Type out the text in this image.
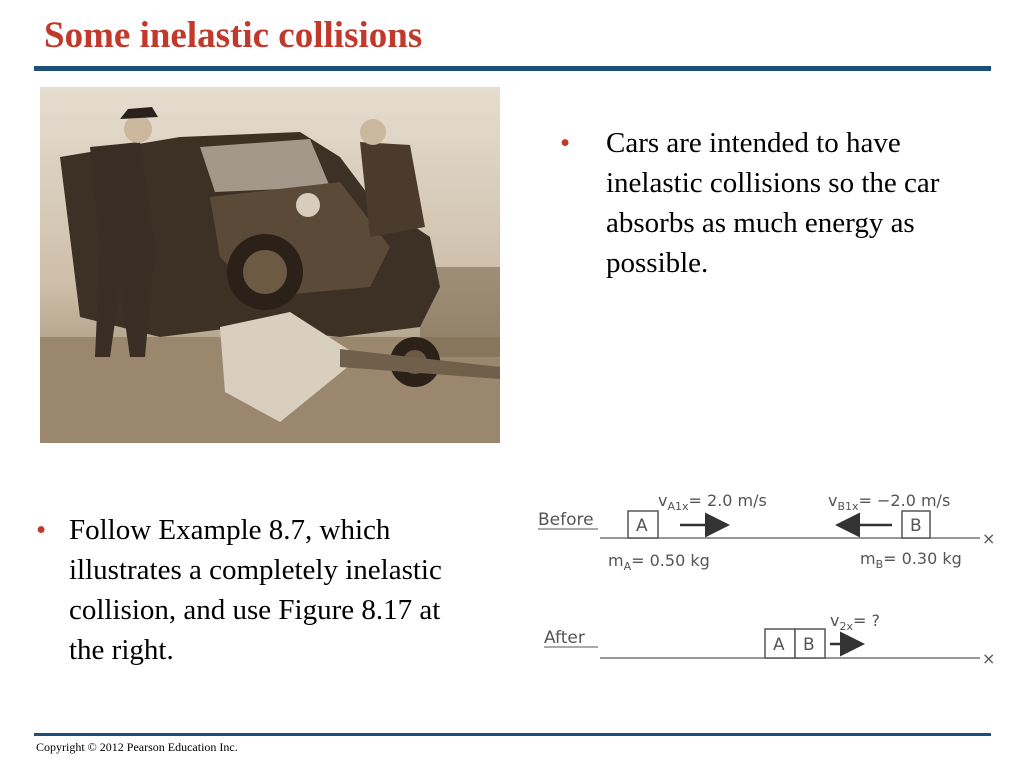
Some inelastic collisions
• Cars are intended to have inelastic collisions so the car absorbs as much energy as possible.
• Follow Example 8.7, which illustrates a completely inelastic collision, and use Figure 8.17 at the right.
Before
×
A
$v_{A1x}= 2.0$ m/s
B
$v_{B1x}= -2.0$ m/s
$m_A= 0.50$ kg	$m_B= 0.30$ kg
After
×
A B
$v_{2x}=$ ?
Copyright © 2012 Pearson Education Inc.
